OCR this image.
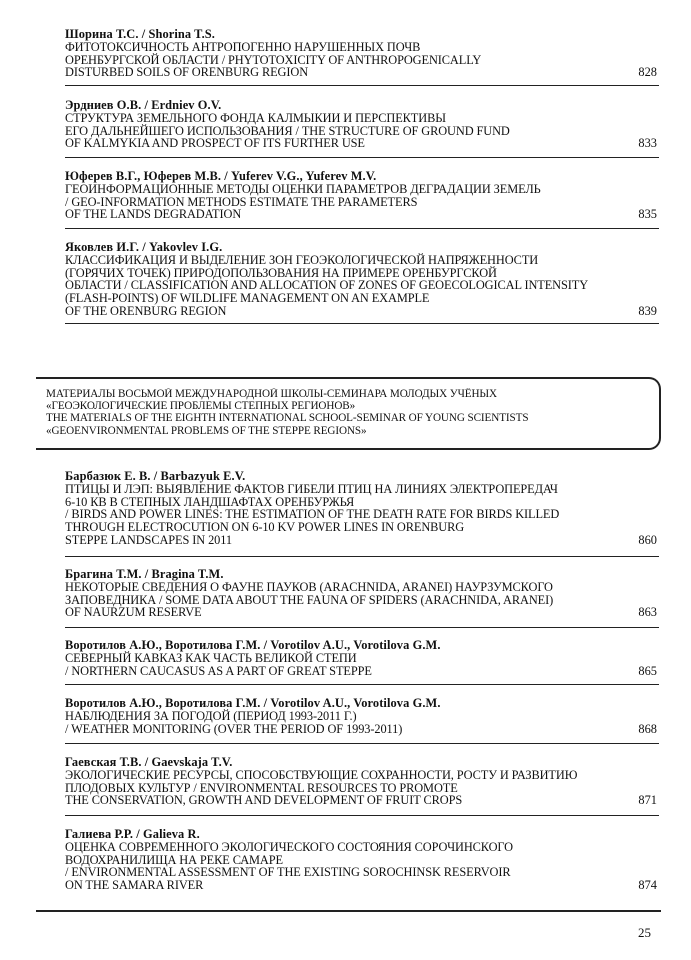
Шорина Т.С. / Shorina T.S.
ФИТОТОКСИЧНОСТЬ АНТРОПОГЕННО НАРУШЕННЫХ ПОЧВ
ОРЕНБУРГСКОЙ ОБЛАСТИ / PHYTOTOXICITY OF ANTHROPOGENICALLY
DISTURBED SOILS OF ORENBURG REGION	828
Эрдниев О.В. / Erdniev O.V.
СТРУКТУРА ЗЕМЕЛЬНОГО ФОНДА КАЛМЫКИИ И ПЕРСПЕКТИВЫ
ЕГО ДАЛЬНЕЙШЕГО ИСПОЛЬЗОВАНИЯ / THE STRUCTURE OF GROUND FUND
OF KALMYKIA AND PROSPECT OF ITS FURTHER USE	833
Юферев В.Г., Юферев М.В. / Yuferev V.G., Yuferev M.V.
ГЕОИНФОРМАЦИОННЫЕ МЕТОДЫ ОЦЕНКИ ПАРАМЕТРОВ ДЕГРАДАЦИИ ЗЕМЕЛЬ
/ GEO-INFORMATION METHODS ESTIMATE THE PARAMETERS
OF THE LANDS DEGRADATION	835
Яковлев И.Г. / Yakovlev I.G.
КЛАССИФИКАЦИЯ И ВЫДЕЛЕНИЕ ЗОН ГЕОЭКОЛОГИЧЕСКОЙ НАПРЯЖЕННОСТИ
(ГОРЯЧИХ ТОЧЕК) ПРИРОДОПОЛЬЗОВАНИЯ НА ПРИМЕРЕ ОРЕНБУРГСКОЙ
ОБЛАСТИ / CLASSIFICATION AND ALLOCATION OF ZONES OF GEOECOLOGICAL INTENSITY
(FLASH-POINTS) OF WILDLIFE MANAGEMENT ON AN EXAMPLE
OF THE ORENBURG REGION	839
МАТЕРИАЛЫ ВОСЬМОЙ МЕЖДУНАРОДНОЙ ШКОЛЫ-СЕМИНАРА МОЛОДЫХ УЧЁНЫХ
«ГЕОЭКОЛОГИЧЕСКИЕ ПРОБЛЕМЫ СТЕПНЫХ РЕГИОНОВ»
THE MATERIALS OF THE EIGHTH INTERNATIONAL SCHOOL-SEMINAR OF YOUNG SCIENTISTS
«GEOENVIRONMENTAL PROBLEMS OF THE STEPPE REGIONS»
Барбазюк Е. В. / Barbazyuk E.V.
ПТИЦЫ И ЛЭП: ВЫЯВЛЕНИЕ ФАКТОВ ГИБЕЛИ ПТИЦ НА ЛИНИЯХ ЭЛЕКТРОПЕРЕДАЧ
6-10 КВ В СТЕПНЫХ ЛАНДШАФТАХ ОРЕНБУРЖЬЯ
/ BIRDS AND POWER LINES: THE ESTIMATION OF THE DEATH RATE FOR BIRDS KILLED
THROUGH ELECTROCUTION ON 6-10 KV POWER LINES IN ORENBURG
STEPPE LANDSCAPES IN 2011	860
Брагина Т.М. / Bragina T.M.
НЕКОТОРЫЕ СВЕДЕНИЯ О ФАУНЕ ПАУКОВ (ARACHNIDA, ARANEI) НАУРЗУМСКОГО
ЗАПОВЕДНИКА / SOME DATA ABOUT THE FAUNA OF SPIDERS (ARACHNIDA, ARANEI)
OF NAURZUM RESERVE	863
Воротилов А.Ю., Воротилова Г.М. / Vorotilov A.U., Vorotilova G.M.
СЕВЕРНЫЙ КАВКАЗ КАК ЧАСТЬ ВЕЛИКОЙ СТЕПИ
/ NORTHERN CAUCASUS AS A PART OF GREAT STEPPE	865
Воротилов А.Ю., Воротилова Г.М. / Vorotilov A.U., Vorotilova G.M.
НАБЛЮДЕНИЯ ЗА ПОГОДОЙ (ПЕРИОД 1993-2011 Г.)
/ WEATHER MONITORING (OVER THE PERIOD OF 1993-2011)	868
Гаевская Т.В. / Gaevskaja T.V.
ЭКОЛОГИЧЕСКИЕ РЕСУРСЫ, СПОСОБСТВУЮЩИЕ СОХРАННОСТИ, РОСТУ И РАЗВИТИЮ
ПЛОДОВЫХ КУЛЬТУР / ENVIRONMENTAL RESOURCES TO PROMOTE
THE CONSERVATION, GROWTH AND DEVELOPMENT OF FRUIT CROPS	871
Галиева Р.Р. / Galieva R.
ОЦЕНКА СОВРЕМЕННОГО ЭКОЛОГИЧЕСКОГО СОСТОЯНИЯ СОРОЧИНСКОГО
ВОДОХРАНИЛИЩА НА РЕКЕ САМАРЕ
/ ENVIRONMENTAL ASSESSMENT OF THE EXISTING SOROCHINSK RESERVOIR
ON THE SAMARA RIVER	874
25
